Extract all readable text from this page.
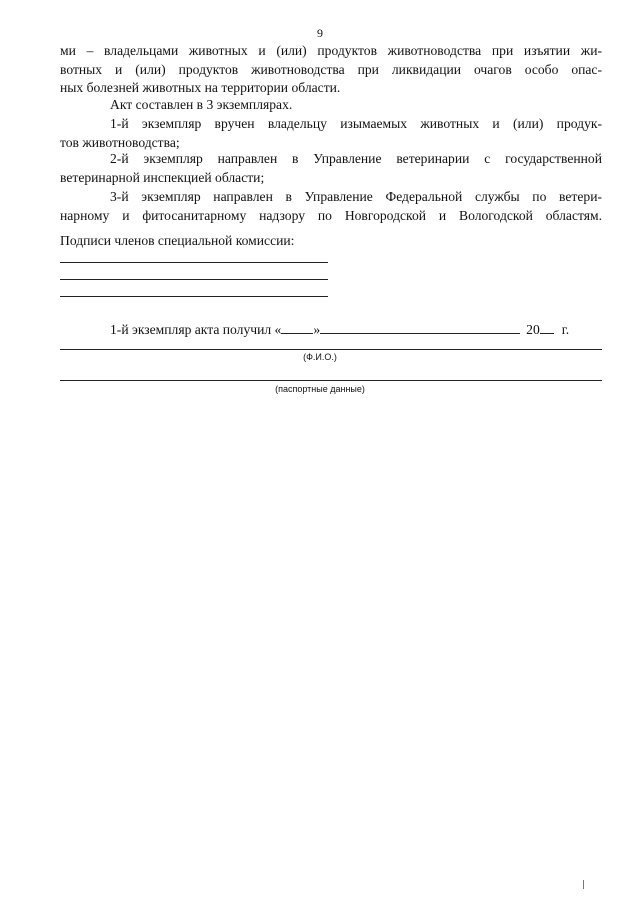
9

ми – владельцами животных и (или) продуктов животноводства при изъятии жи-

вотных и (или) продуктов животноводства при ликвидации очагов особо опас-

ных болезней животных на территории области.

Акт составлен в 3 экземплярах.

1-й экземпляр вручен владельцу изымаемых животных и (или) продук-

тов животноводства;

2-й экземпляр направлен в Управление ветеринарии с государственной

ветеринарной инспекцией области;

3-й экземпляр направлен в Управление Федеральной службы по ветери-

нарному и фитосанитарному надзору по Новгородской и Вологодской областям.

Подписи членов специальной комиссии:
1-й экземпляр акта получил « »	20 г.
(Ф.И.О.)
(паспортные данные)
